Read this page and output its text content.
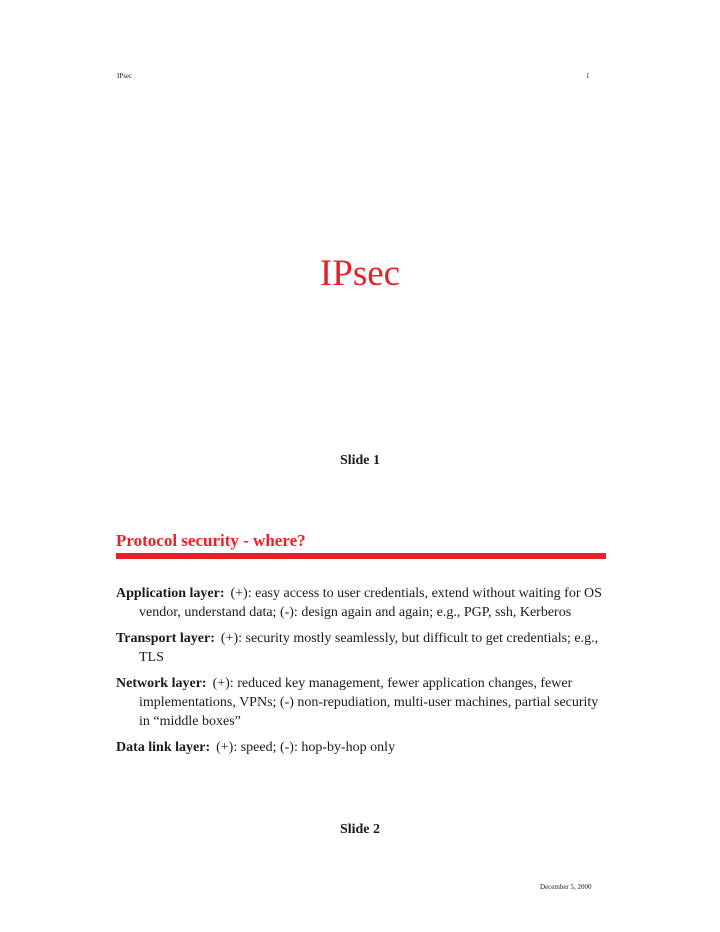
IPsec	1
IPsec
Slide 1
Protocol security - where?
Application layer: (+): easy access to user credentials, extend without waiting for OS vendor, understand data; (-): design again and again; e.g., PGP, ssh, Kerberos
Transport layer: (+): security mostly seamlessly, but difficult to get credentials; e.g., TLS
Network layer: (+): reduced key management, fewer application changes, fewer implementations, VPNs; (-) non-repudiation, multi-user machines, partial security in “middle boxes”
Data link layer: (+): speed; (-): hop-by-hop only
Slide 2
December 5, 2000
